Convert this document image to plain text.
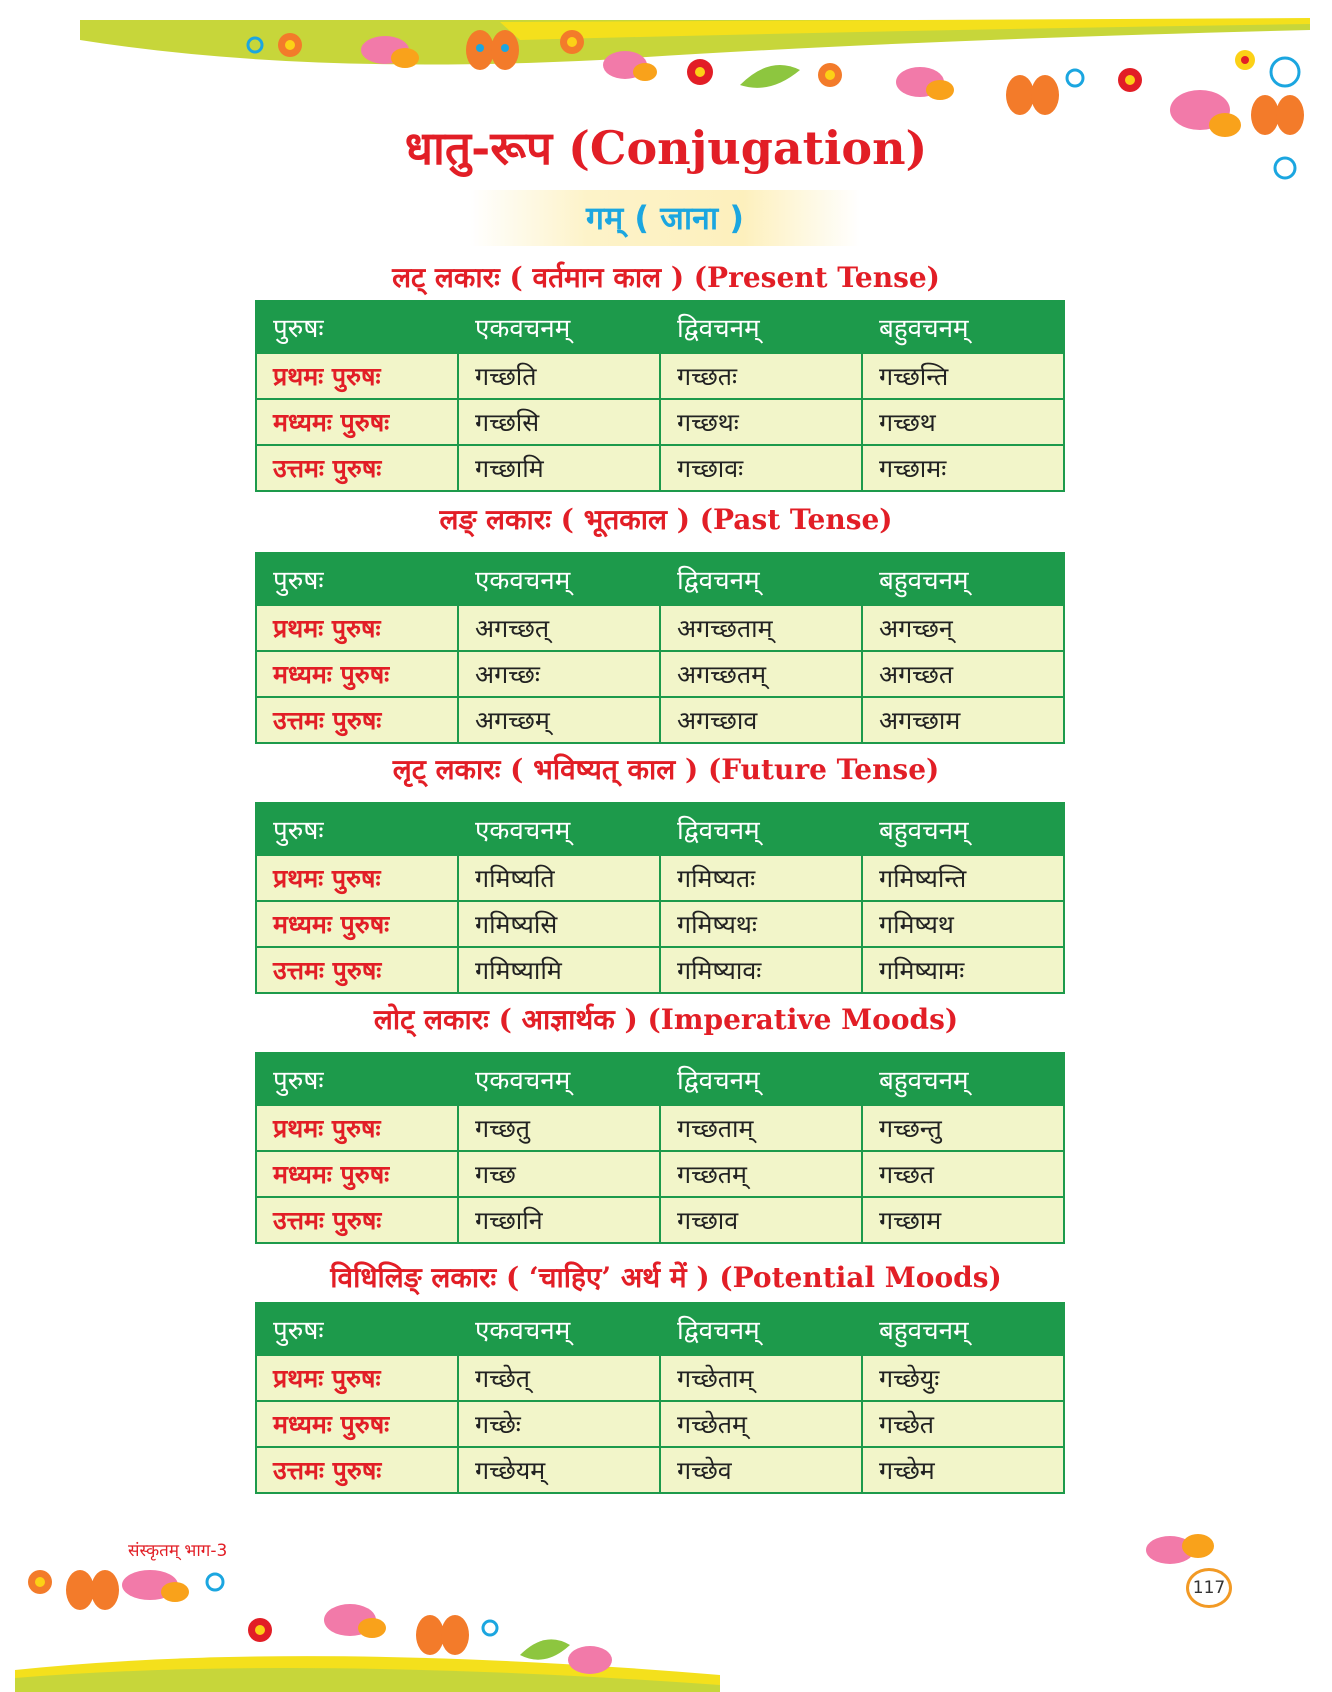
धातु-रूप (Conjugation)
गम् ( जाना )
लट् लकारः ( वर्तमान काल ) (Present Tense)
पुरुषः	एकवचनम्	द्विवचनम्	बहुवचनम्
प्रथमः पुरुषः	गच्छति	गच्छतः	गच्छन्ति
मध्यमः पुरुषः	गच्छसि	गच्छथः	गच्छथ
उत्तमः पुरुषः	गच्छामि	गच्छावः	गच्छामः
लङ् लकारः ( भूतकाल ) (Past Tense)
पुरुषः	एकवचनम्	द्विवचनम्	बहुवचनम्
प्रथमः पुरुषः	अगच्छत्	अगच्छताम्	अगच्छन्
मध्यमः पुरुषः	अगच्छः	अगच्छतम्	अगच्छत
उत्तमः पुरुषः	अगच्छम्	अगच्छाव	अगच्छाम
लृट् लकारः ( भविष्यत् काल ) (Future Tense)
पुरुषः	एकवचनम्	द्विवचनम्	बहुवचनम्
प्रथमः पुरुषः	गमिष्यति	गमिष्यतः	गमिष्यन्ति
मध्यमः पुरुषः	गमिष्यसि	गमिष्यथः	गमिष्यथ
उत्तमः पुरुषः	गमिष्यामि	गमिष्यावः	गमिष्यामः
लोट् लकारः ( आज्ञार्थक ) (Imperative Moods)
पुरुषः	एकवचनम्	द्विवचनम्	बहुवचनम्
प्रथमः पुरुषः	गच्छतु	गच्छताम्	गच्छन्तु
मध्यमः पुरुषः	गच्छ	गच्छतम्	गच्छत
उत्तमः पुरुषः	गच्छानि	गच्छाव	गच्छाम
विधिलिङ् लकारः ( ‘चाहिए’ अर्थ में ) (Potential Moods)
पुरुषः	एकवचनम्	द्विवचनम्	बहुवचनम्
प्रथमः पुरुषः	गच्छेत्	गच्छेताम्	गच्छेयुः
मध्यमः पुरुषः	गच्छेः	गच्छेतम्	गच्छेत
उत्तमः पुरुषः	गच्छेयम्	गच्छेव	गच्छेम
संस्कृतम् भाग-3
117
